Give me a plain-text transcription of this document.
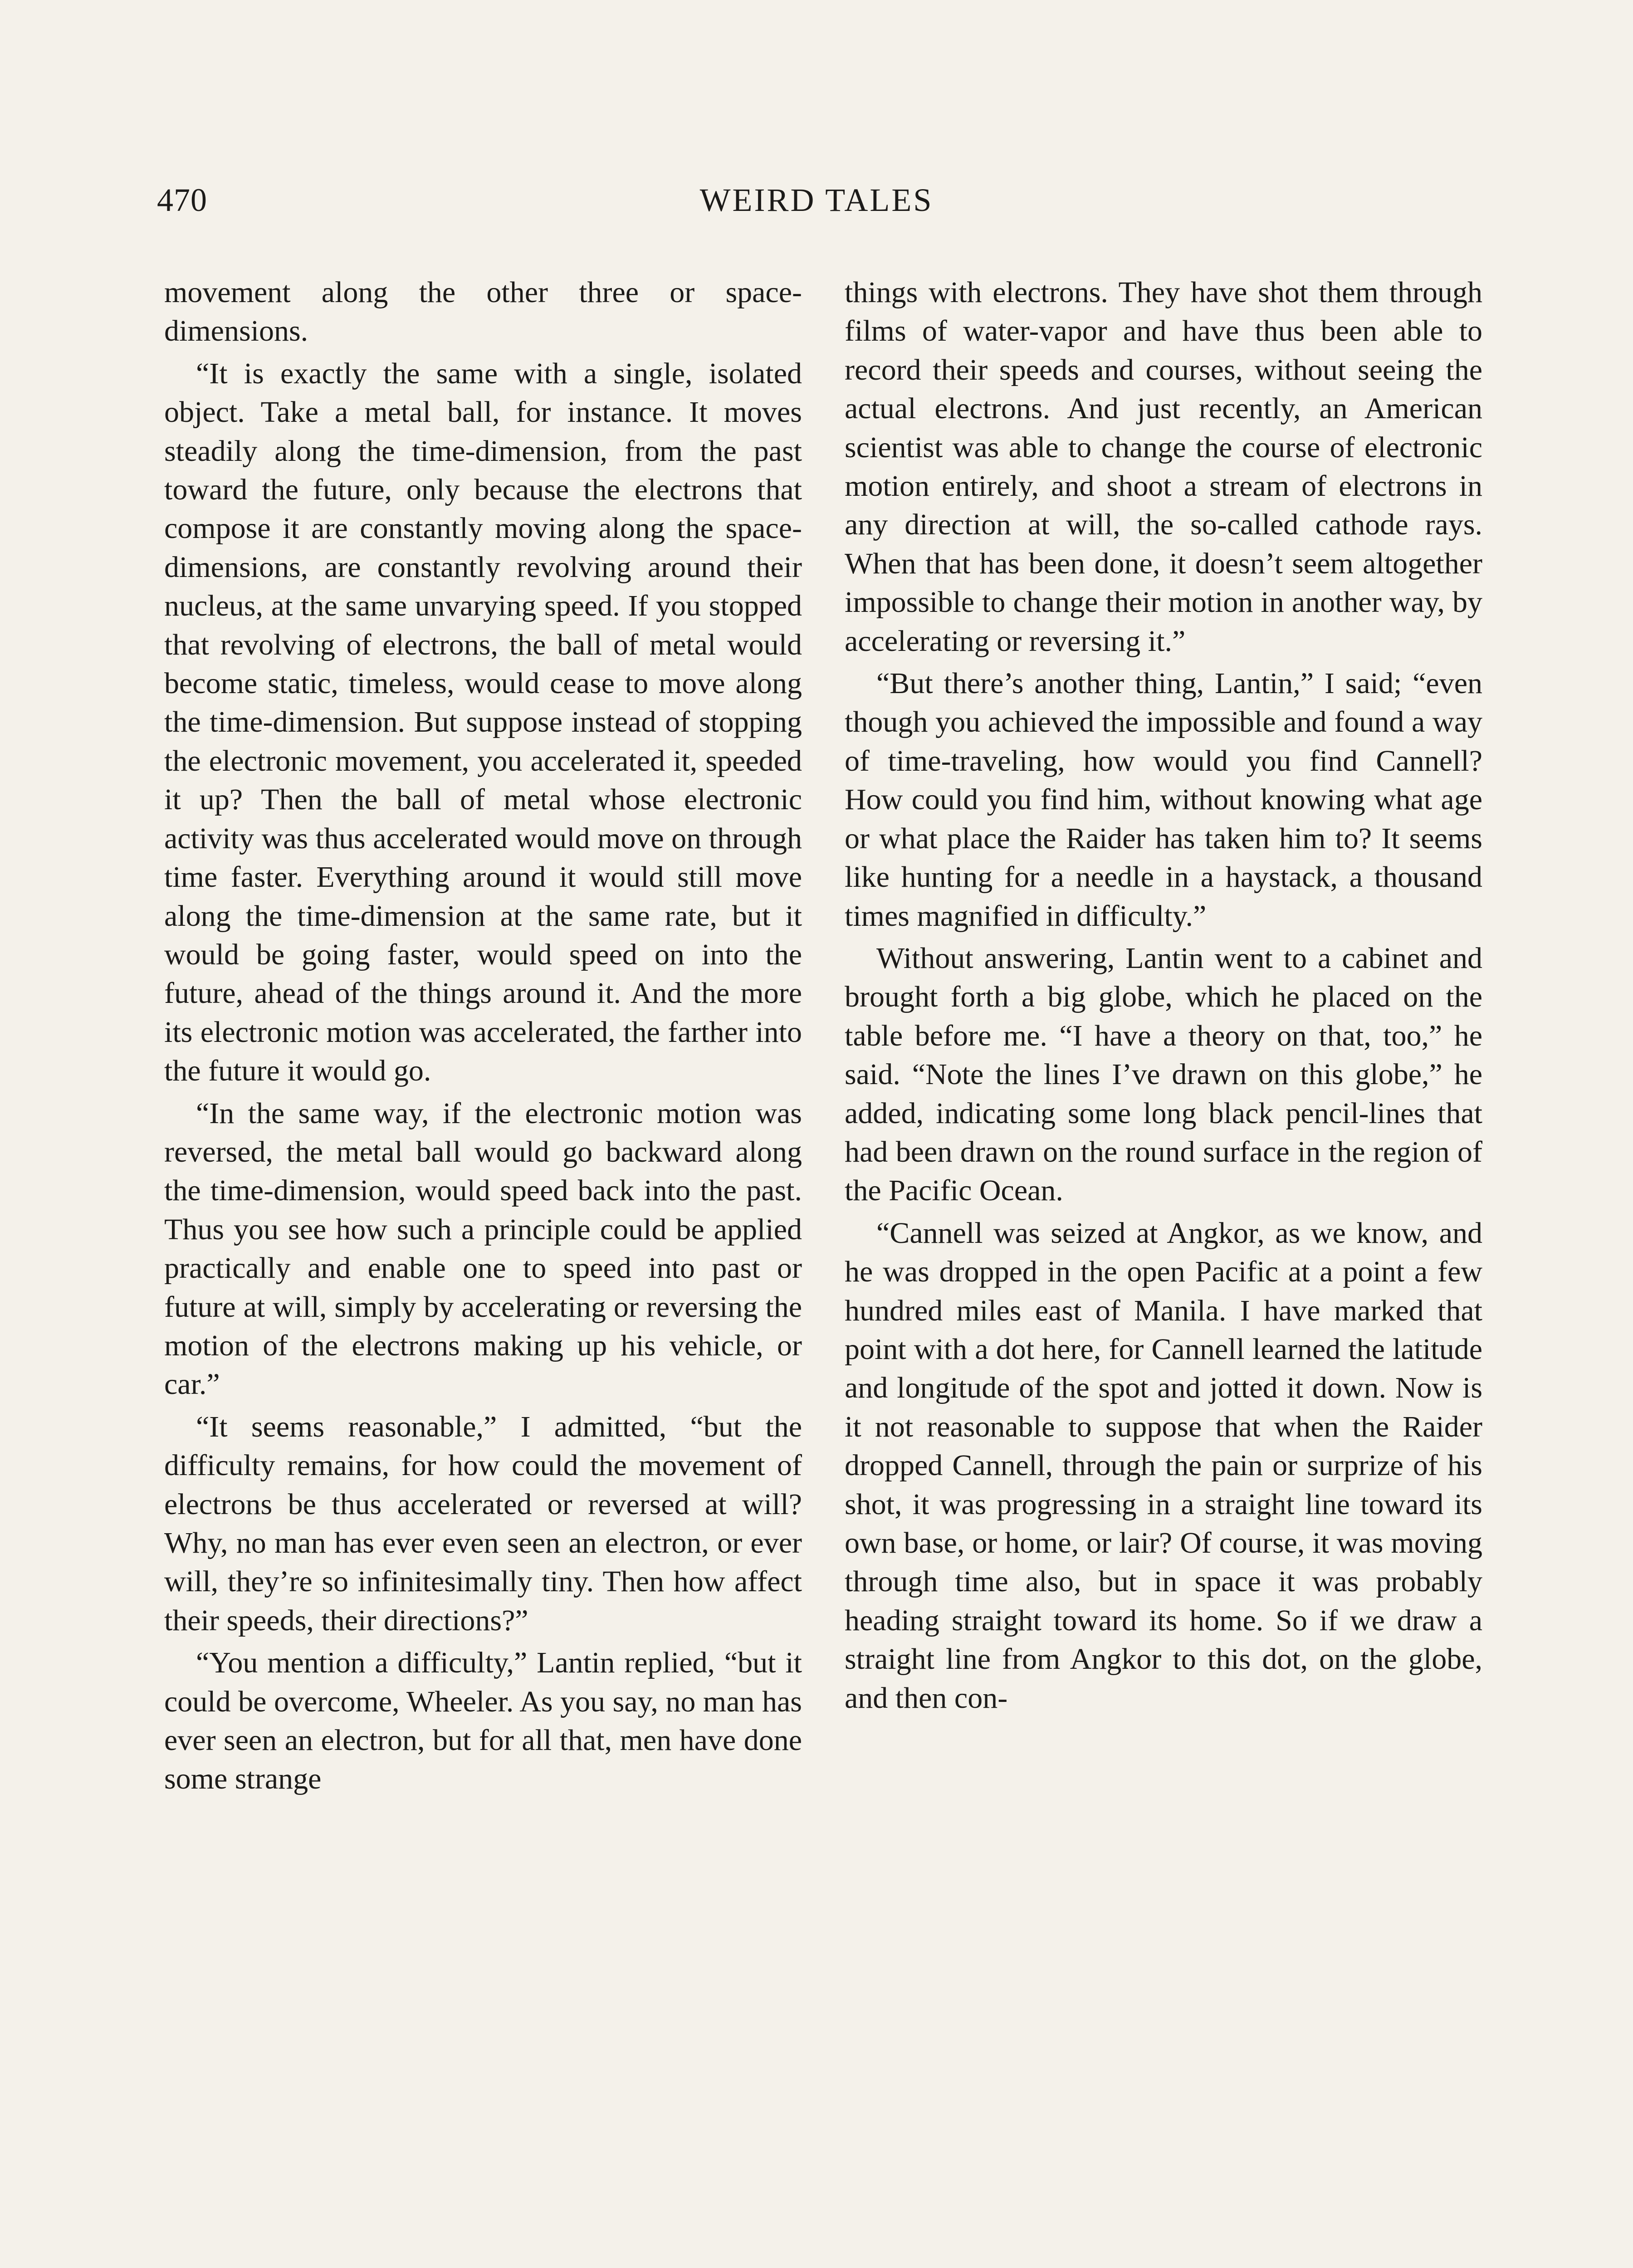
470	WEIRD TALES

movement along the other three or space-dimensions.

“It is exactly the same with a single, isolated object. Take a metal ball, for instance. It moves steadily along the time-dimension, from the past toward the future, only because the electrons that compose it are constantly moving along the space-dimensions, are constantly revolving around their nucleus, at the same unvarying speed. If you stopped that revolving of electrons, the ball of metal would become static, timeless, would cease to move along the time-dimension. But suppose instead of stopping the electronic movement, you accelerated it, speeded it up? Then the ball of metal whose electronic activity was thus accelerated would move on through time faster. Everything around it would still move along the time-dimension at the same rate, but it would be going faster, would speed on into the future, ahead of the things around it. And the more its electronic motion was accelerated, the farther into the future it would go.

“In the same way, if the electronic motion was reversed, the metal ball would go backward along the time-dimension, would speed back into the past. Thus you see how such a principle could be applied practically and enable one to speed into past or future at will, simply by accelerating or reversing the motion of the electrons making up his vehicle, or car.”

“It seems reasonable,” I admitted, “but the difficulty remains, for how could the movement of electrons be thus accelerated or reversed at will? Why, no man has ever even seen an electron, or ever will, they’re so infinitesimally tiny. Then how affect their speeds, their directions?”

“You mention a difficulty,” Lantin replied, “but it could be overcome, Wheeler. As you say, no man has ever seen an electron, but for all that, men have done some strange

things with electrons. They have shot them through films of water-vapor and have thus been able to record their speeds and courses, without seeing the actual electrons. And just recently, an American scientist was able to change the course of electronic motion entirely, and shoot a stream of electrons in any direction at will, the so-called cathode rays. When that has been done, it doesn’t seem altogether impossible to change their motion in another way, by accelerating or reversing it.”

“But there’s another thing, Lantin,” I said; “even though you achieved the impossible and found a way of time-traveling, how would you find Cannell? How could you find him, without knowing what age or what place the Raider has taken him to? It seems like hunting for a needle in a haystack, a thousand times magnified in difficulty.”

Without answering, Lantin went to a cabinet and brought forth a big globe, which he placed on the table before me. “I have a theory on that, too,” he said. “Note the lines I’ve drawn on this globe,” he added, indicating some long black pencil-lines that had been drawn on the round surface in the region of the Pacific Ocean.

“Cannell was seized at Angkor, as we know, and he was dropped in the open Pacific at a point a few hundred miles east of Manila. I have marked that point with a dot here, for Cannell learned the latitude and longitude of the spot and jotted it down. Now is it not reasonable to suppose that when the Raider dropped Cannell, through the pain or surprize of his shot, it was progressing in a straight line toward its own base, or home, or lair? Of course, it was moving through time also, but in space it was probably heading straight toward its home. So if we draw a straight line from Angkor to this dot, on the globe, and then con-
